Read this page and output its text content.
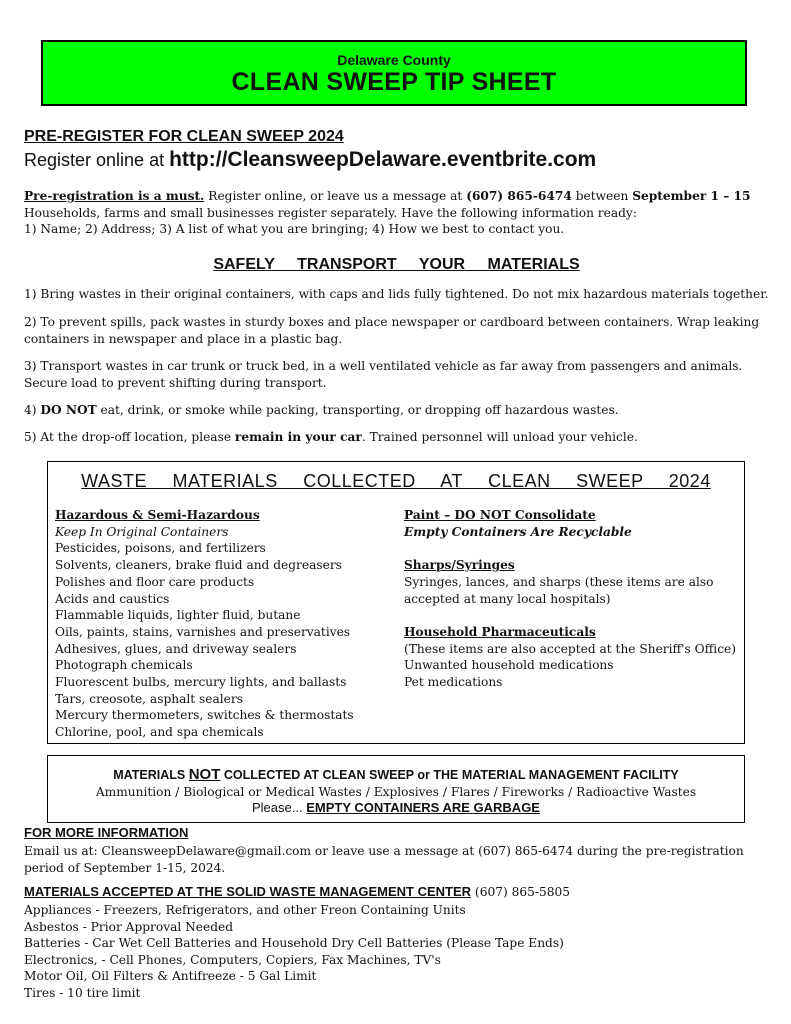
Delaware County
CLEAN SWEEP TIP SHEET
PRE-REGISTER FOR CLEAN SWEEP 2024
Register online at http://CleansweepDelaware.eventbrite.com
Pre-registration is a must. Register online, or leave us a message at (607) 865-6474 between September 1 – 15
Households, farms and small businesses register separately. Have the following information ready:
1) Name; 2) Address; 3) A list of what you are bringing; 4) How we best to contact you.
SAFELY TRANSPORT YOUR MATERIALS
1) Bring wastes in their original containers, with caps and lids fully tightened. Do not mix hazardous materials together.
2) To prevent spills, pack wastes in sturdy boxes and place newspaper or cardboard between containers. Wrap leaking containers in newspaper and place in a plastic bag.
3) Transport wastes in car trunk or truck bed, in a well ventilated vehicle as far away from passengers and animals. Secure load to prevent shifting during transport.
4) DO NOT eat, drink, or smoke while packing, transporting, or dropping off hazardous wastes.
5) At the drop-off location, please remain in your car. Trained personnel will unload your vehicle.
WASTE MATERIALS COLLECTED AT CLEAN SWEEP 2024
Hazardous & Semi-Hazardous
Keep In Original Containers
Pesticides, poisons, and fertilizers
Solvents, cleaners, brake fluid and degreasers
Polishes and floor care products
Acids and caustics
Flammable liquids, lighter fluid, butane
Oils, paints, stains, varnishes and preservatives
Adhesives, glues, and driveway sealers
Photograph chemicals
Fluorescent bulbs, mercury lights, and ballasts
Tars, creosote, asphalt sealers
Mercury thermometers, switches & thermostats
Chlorine, pool, and spa chemicals
Paint – DO NOT Consolidate
Empty Containers Are Recyclable
Sharps/Syringes
Syringes, lances, and sharps (these items are also
accepted at many local hospitals)
Household Pharmaceuticals
(These items are also accepted at the Sheriff's Office)
Unwanted household medications
Pet medications
MATERIALS NOT COLLECTED AT CLEAN SWEEP or THE MATERIAL MANAGEMENT FACILITY
Ammunition / Biological or Medical Wastes / Explosives / Flares / Fireworks / Radioactive Wastes
Please... EMPTY CONTAINERS ARE GARBAGE
FOR MORE INFORMATION
Email us at: CleansweepDelaware@gmail.com or leave use a message at (607) 865-6474 during the pre-registration
period of September 1-15, 2024.
MATERIALS ACCEPTED AT THE SOLID WASTE MANAGEMENT CENTER (607) 865-5805
Appliances - Freezers, Refrigerators, and other Freon Containing Units
Asbestos - Prior Approval Needed
Batteries - Car Wet Cell Batteries and Household Dry Cell Batteries (Please Tape Ends)
Electronics, - Cell Phones, Computers, Copiers, Fax Machines, TV's
Motor Oil, Oil Filters & Antifreeze - 5 Gal Limit
Tires - 10 tire limit
